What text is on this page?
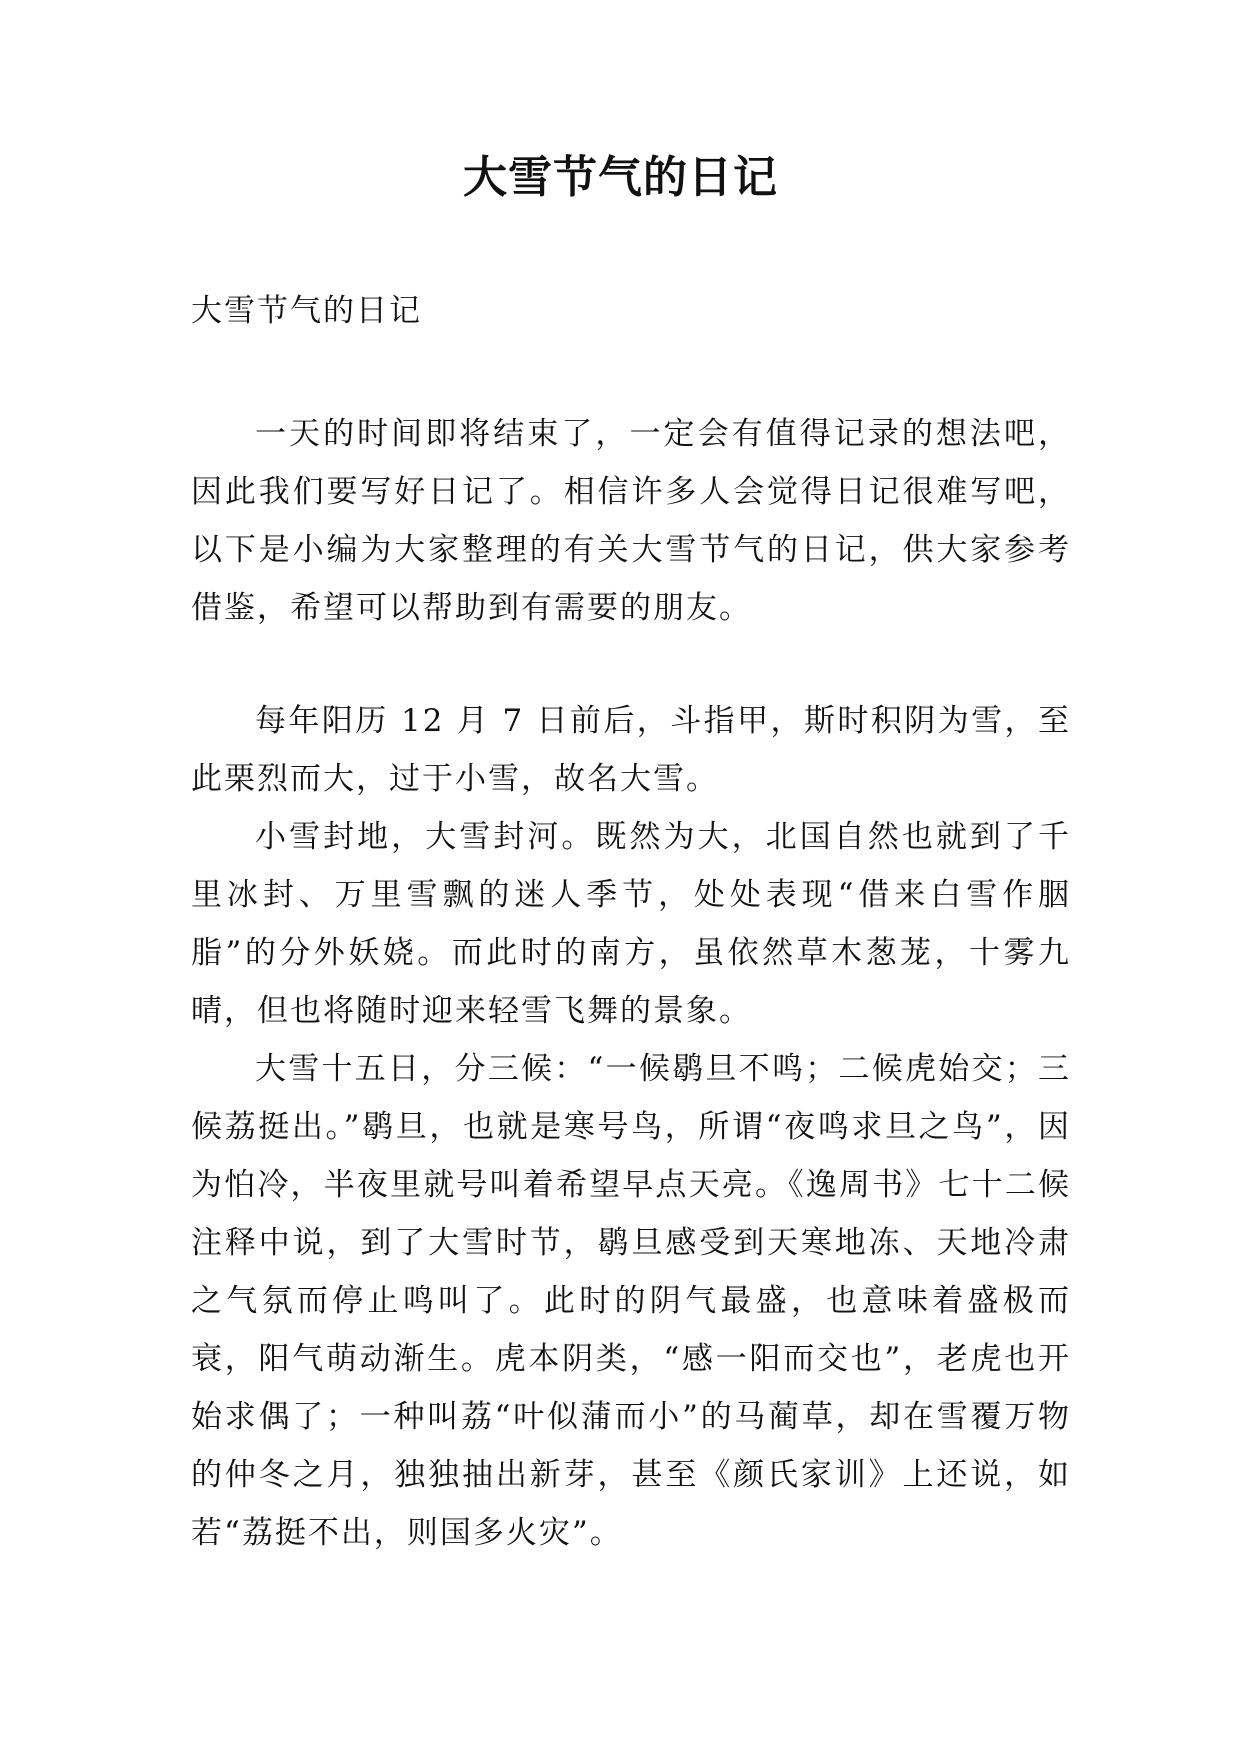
大雪节气的日记

大雪节气的日记

一天的时间即将结束了，一定会有值得记录的想法吧，因此我们要写好日记了。相信许多人会觉得日记很难写吧，以下是小编为大家整理的有关大雪节气的日记，供大家参考借鉴，希望可以帮助到有需要的朋友。

每年阳历 12 月 7 日前后，斗指甲，斯时积阴为雪，至此栗烈而大，过于小雪，故名大雪。

小雪封地，大雪封河。既然为大，北国自然也就到了千里冰封、万里雪飘的迷人季节，处处表现“借来白雪作胭脂”的分外妖娆。而此时的南方，虽依然草木葱茏，十雾九晴，但也将随时迎来轻雪飞舞的景象。

大雪十五日，分三候：“一候鹖旦不鸣；二候虎始交；三候荔挺出。”鹖旦，也就是寒号鸟，所谓“夜鸣求旦之鸟”，因为怕冷，半夜里就号叫着希望早点天亮。《逸周书》七十二候注释中说，到了大雪时节，鹖旦感受到天寒地冻、天地冷肃之气氛而停止鸣叫了。此时的阴气最盛，也意味着盛极而衰，阳气萌动渐生。虎本阴类，“感一阳而交也”，老虎也开始求偶了；一种叫荔“叶似蒲而小”的马蔺草，却在雪覆万物的仲冬之月，独独抽出新芽，甚至《颜氏家训》上还说，如若“荔挺不出，则国多火灾”。
